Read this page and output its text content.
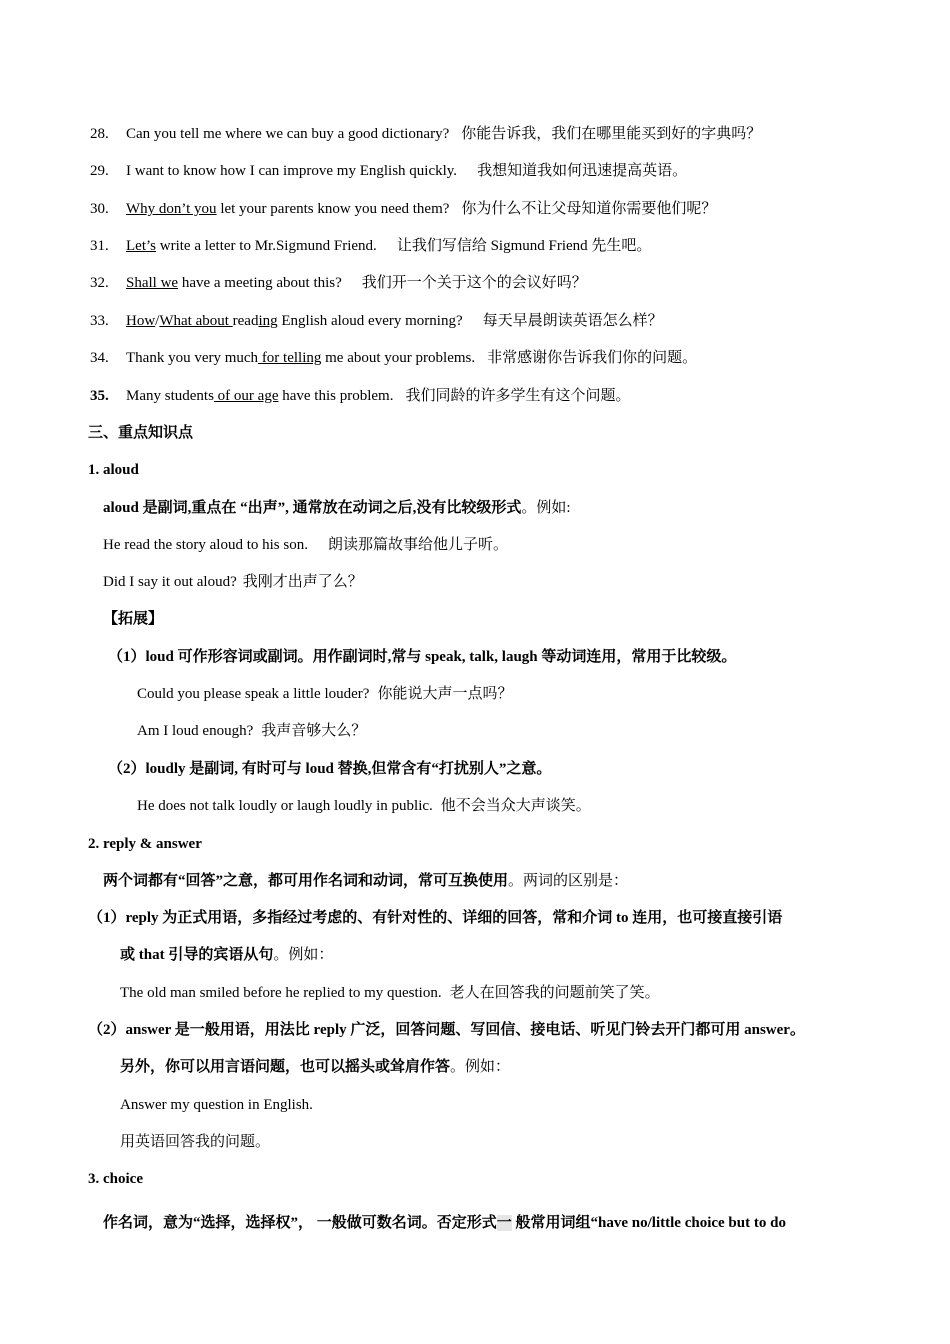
28. Can you tell me where we can buy a good dictionary? 你能告诉我，我们在哪里能买到好的字典吗？
29. I want to know how I can improve my English quickly. 我想知道我如何迅速提高英语。
30. Why don’t you let your parents know you need them? 你为什么不让父母知道你需要他们呢？
31. Let’s write a letter to Mr.Sigmund Friend. 让我们写信给 Sigmund Friend 先生吧。
32. Shall we have a meeting about this? 我们开一个关于这个的会议好吗？
33. How/What about reading English aloud every morning? 每天早晨朗读英语怎么样？
34. Thank you very much for telling me about your problems. 非常感谢你告诉我们你的问题。
35. Many students of our age have this problem. 我们同龄的许多学生有这个问题。
三、重点知识点
1. aloud
aloud 是副词,重点在 “出声”, 通常放在动词之后,没有比较级形式。例如:
He read the story aloud to his son. 朗读那篇故事给他儿子听。
Did I say it out aloud? 我刚才出声了么？
【拓展】
（1）loud 可作形容词或副词。用作副词时,常与 speak, talk, laugh 等动词连用，常用于比较级。
Could you please speak a little louder? 你能说大声一点吗？
Am I loud enough? 我声音够大么？
（2）loudly 是副词, 有时可与 loud 替换,但常含有“打扰别人”之意。
He does not talk loudly or laugh loudly in public. 他不会当众大声谈笑。
2. reply & answer
两个词都有“回答”之意，都可用作名词和动词，常可互换使用。两词的区别是：
（1）reply 为正式用语，多指经过考虑的、有针对性的、详细的回答，常和介词 to 连用，也可接直接引语
或 that 引导的宾语从句。例如：
The old man smiled before he replied to my question. 老人在回答我的问题前笑了笑。
（2）answer 是一般用语，用法比 reply 广泛，回答问题、写回信、接电话、听见门铃去开门都可用 answer。
另外，你可以用言语问题，也可以摇头或耸肩作答。例如：
Answer my question in English.
用英语回答我的问题。
3. choice
作名词，意为“选择，选择权”， 一般做可数名词。否定形式一 般常用词组“have no/little choice but to do
